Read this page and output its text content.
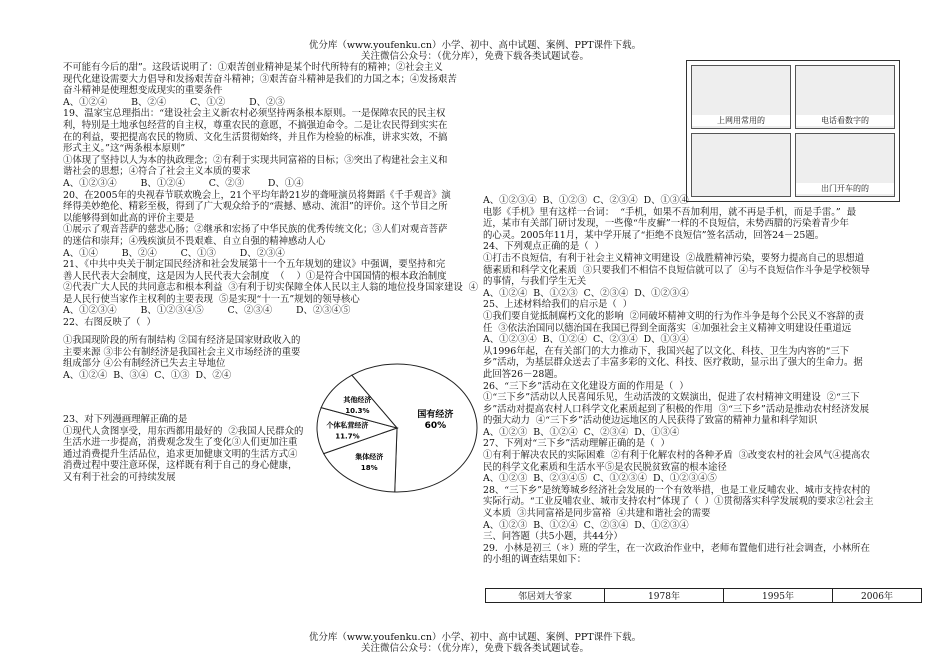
优分库（www.youfenku.cn）小学、初中、高中试题、案例、PPT课件下载。
关注微信公众号：（优分库），免费下载各类试题试卷。

不可能有今后的甜”。这段话说明了：①艰苦创业精神是某个时代所特有的精神；②社会主义

现代化建设需要大力倡导和发扬艰苦奋斗精神；③艰苦奋斗精神是我们的力国之本；④发扬艰苦

奋斗精神是使理想变成现实的重要条件

A、①②④        B、②④        C、①②        D、②③

19、温家宝总理指出：“建设社会主义新农村必须坚持两条根本原则。一是保障农民的民主权

利，特别是土地承包经营的自主权，尊重农民的意愿，不搞强迫命令。二是让农民得到实实在

在的利益，要把提高农民的物质、文化生活贯彻始终，并且作为检验的标准，讲求实效，不搞

形式主义。”这“两条根本原则”

①体现了坚持以人为本的执政理念；②有利于实现共同富裕的目标；③突出了构建社会主义和

谐社会的思想；④符合了社会主义本质的要求

A、①②③④        B、①②④        C、②③        D、①④

20、在2005年的央视春节联欢晚会上，21个平均年龄21岁的聋哑演员将舞蹈《千手观音》演

绎得美妙绝伦、精彩至极，得到了广大观众给予的“震撼、感动、流泪”的评价。这个节目之所

以能够得到如此高的评价主要是

①展示了观音菩萨的慈悲心肠；②继承和宏扬了中华民族的优秀传统文化；③人们对观音菩萨

的迷信和崇拜；④残疾演员不畏艰难、自立自强的精神感动人心

A、①④        B、②④        C、①③        D、②③④

21、《中共中央关于制定国民经济和社会发展第十一个五年规划的建议》中强调，要坚持和完

善人民代表大会制度，这是因为人民代表大会制度  （    ）①是符合中国国情的根本政治制度

②代表广大人民的共同意志和根本利益  ③有利于切实保障全体人民以主人翁的地位投身国家建设  ④

是人民行使当家作主权利的主要表现  ⑤是实现“十一五”规划的领导核心

A、①②③④        B、①②③④⑤        C、②③④        D、②③④⑤

22、右图反映了（  ）

①我国现阶段的所有制结构 ②国有经济是国家财政收入的

主要来源 ③非公有制经济是我国社会主义市场经济的重要

组成部分 ④公有制经济已失去主导地位

A、①②④  B、③④  C、①③  D、②④

国有经济
60%
集体经济
18%
个体私营经济
11.7%
其他经济
10.3%

23、对下列漫画理解正确的是

①现代人贪图享受，用东西都用最好的  ②我国人民群众的

生活水进一步提高，消费观念发生了变化③人们更加注重

通过消费提升生活品位，追求更加健康文明的生活方式④

消费过程中要注意环保，这样既有利于自己的身心健康，

又有利于社会的可持续发展

上网用常用的	电话看数字的
出门开车的的

A、①②③④  B、①②③  C、②③④  D、①③④

电影《手机》里有这样一台词：  “手机，如果不吾加利用，就不再是手机，而是手雷。”  最

近，某市有关部门研讨发现，一些像“牛皮癣”一样的不良短信，未势西腊的污染着青少年

的心灵。2005年11月，某中学开展了“拒绝不良短信”签名活动，回答24－25题。

24、下列观点正确的是（  ）

①打击不良短信，有利于社会主义精神文明建设  ②战胜精神污染，要努力提高自己的思想道

德素质和科学文化素质  ③只要我们不相信不良短信就可以了  ④与不良短信作斗争是学校领导

的事情，与我们学生无关

A、①②④  B、①②③  C、②③④  D、①②③④

25、上述材料给我们的启示是（  ）

①我们要自觉抵制腐朽文化的影响  ②同破坏精神文明的行为作斗争是每个公民义不容辞的责

任  ③依法治国同以德治国在我国已得到全面落实  ④加强社会主义精神文明建设任重道远

A、①②③④  B、①②④  C、②③④  D、①③④

从1996年起，在有关部门的大力推动下，我国兴起了以文化、科技、卫生为内容的“三下

乡”活动，为基层群众送去了丰富多彩的文化、科技、医疗救助，显示出了强大的生命力。据

此回答26－28题。

26、“三下乡”活动在文化建设方面的作用是（  ）

①“三下乡”活动以人民喜闻乐见，生动活泼的文娱演出，促进了农村精神文明建设  ②“三下

乡”活动对提高农村人口科学文化素质起到了积极的作用  ③“三下乡”活动是推动农村经济发展

的强大动力  ④“三下乡”活动使边远地区的人民获得了致富的精神力量和科学知识

A、①②③  B、①②④  C、②③④  D、①③④

27、下列对“三下乡”活动理解正确的是（  ）

①有利于解决农民的实际困难  ②有利于化解农村的各种矛盾  ③改变农村的社会风气④提高农

民的科学文化素质和生活水平⑤是农民脱贫致富的根本途径

A、①②③  B、②③④⑤  C、①②③④  D、①②③④⑤

28、“三下乡”是统筹城乡经济社会发展的一个有效举措，也是工业反哺农业、城市支持农村的

实际行动。“工业反哺农业、城市支持农村”体现了（  ）①贯彻落实科学发展观的要求②社会主

义本质  ③共同富裕是同步富裕  ④共建和谐社会的需要

A、①②③  B、①②④  C、②③④  D、①②③④

三、问答题（共5小题，共44分）

29．小林是初三（＊）班的学生，在一次政治作业中，老师布置他们进行社会调查，小林所在

的小组的调查结果如下：

邻居刘大爷家	1978年	1995年	2006年
优分库（www.youfenku.cn）小学、初中、高中试题、案例、PPT课件下载。
关注微信公众号：（优分库），免费下载各类试题试卷。
